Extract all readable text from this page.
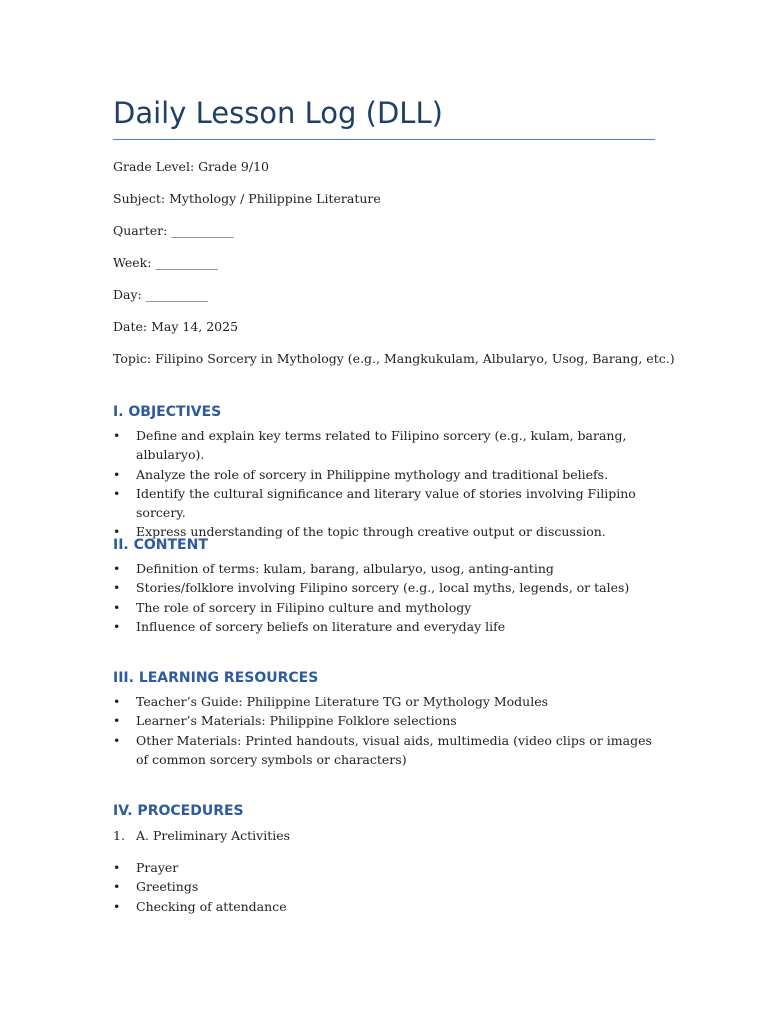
Daily Lesson Log (DLL)
Grade Level: Grade 9/10
Subject: Mythology / Philippine Literature
Quarter: __________
Week: __________
Day: __________
Date: May 14, 2025
Topic: Filipino Sorcery in Mythology (e.g., Mangkukulam, Albularyo, Usog, Barang, etc.)
I. OBJECTIVES
• Define and explain key terms related to Filipino sorcery (e.g., kulam, barang, albularyo).
• Analyze the role of sorcery in Philippine mythology and traditional beliefs.
• Identify the cultural significance and literary value of stories involving Filipino sorcery.
• Express understanding of the topic through creative output or discussion.
II. CONTENT
• Definition of terms: kulam, barang, albularyo, usog, anting-anting
• Stories/folklore involving Filipino sorcery (e.g., local myths, legends, or tales)
• The role of sorcery in Filipino culture and mythology
• Influence of sorcery beliefs on literature and everyday life
III. LEARNING RESOURCES
• Teacher’s Guide: Philippine Literature TG or Mythology Modules
• Learner’s Materials: Philippine Folklore selections
• Other Materials: Printed handouts, visual aids, multimedia (video clips or images of common sorcery symbols or characters)
IV. PROCEDURES
1. A. Preliminary Activities
• Prayer
• Greetings
• Checking of attendance
